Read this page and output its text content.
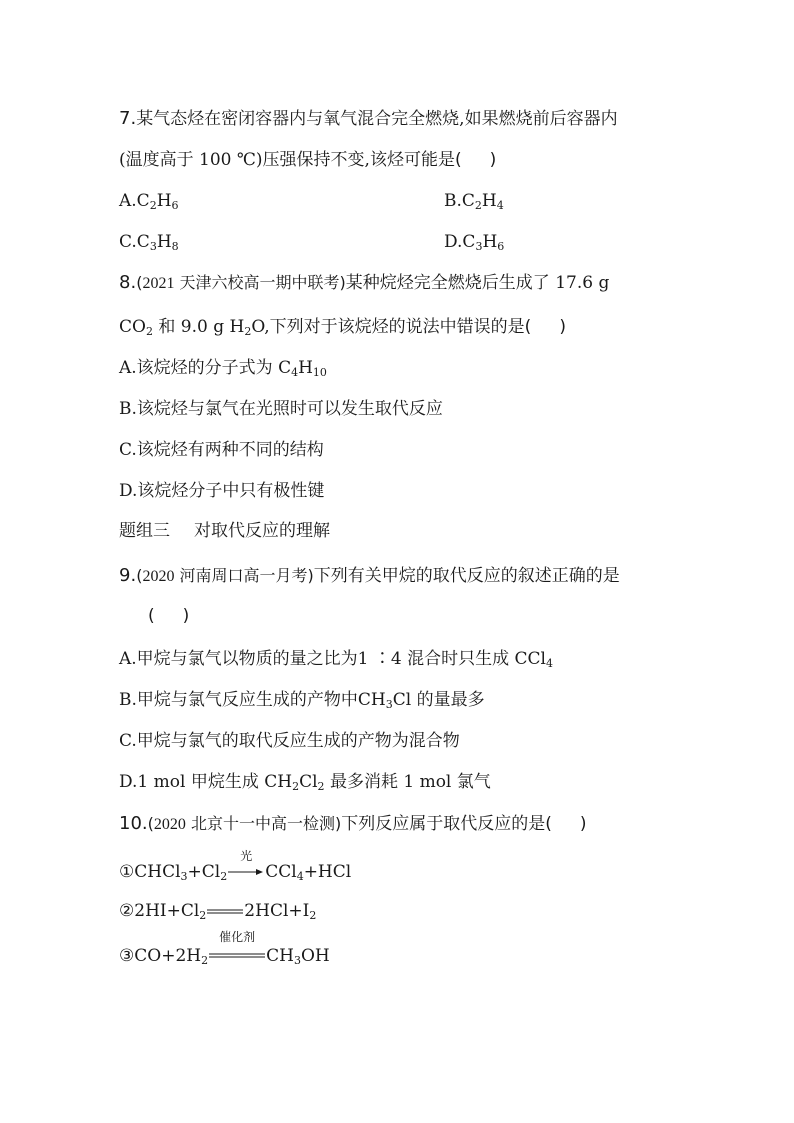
7.某气态烃在密闭容器内与氧气混合完全燃烧,如果燃烧前后容器内
(温度高于 100 ℃)压强保持不变,该烃可能是( )
$A.C_2H_6$	$B.C_2H_4$
$C.C_3H_8$	$D.C_3H_6$
8.(2021 天津六校高一期中联考)某种烷烃完全燃烧后生成了 17.6 g
$CO_2$ 和 9.0 g $H_2O$,下列对于该烷烃的说法中错误的是( )
A.该烷烃的分子式为 $C_4H_{10}$
B.该烷烃与氯气在光照时可以发生取代反应
C.该烷烃有两种不同的结构
D.该烷烃分子中只有极性键
题组三 对取代反应的理解
9.(2020 河南周口高一月考)下列有关甲烷的取代反应的叙述正确的是
( )
A.甲烷与氯气以物质的量之比为1 ∶4 混合时只生成 CCl$_4$
B.甲烷与氯气反应生成的产物中$CH_3Cl$ 的量最多
C.甲烷与氯气的取代反应生成的产物为混合物
D.1 mol 甲烷生成 $CH_2Cl_2$ 最多消耗 1 mol 氯气
10.(2020 北京十一中高一检测)下列反应属于取代反应的是( )
$①CHCl_3+Cl_2$
光
CCl$_4$+HCl
$②2HI+Cl_2$ $2HCl+I_2$
$③CO+2H_2$
催化剂
$CH_3OH$
